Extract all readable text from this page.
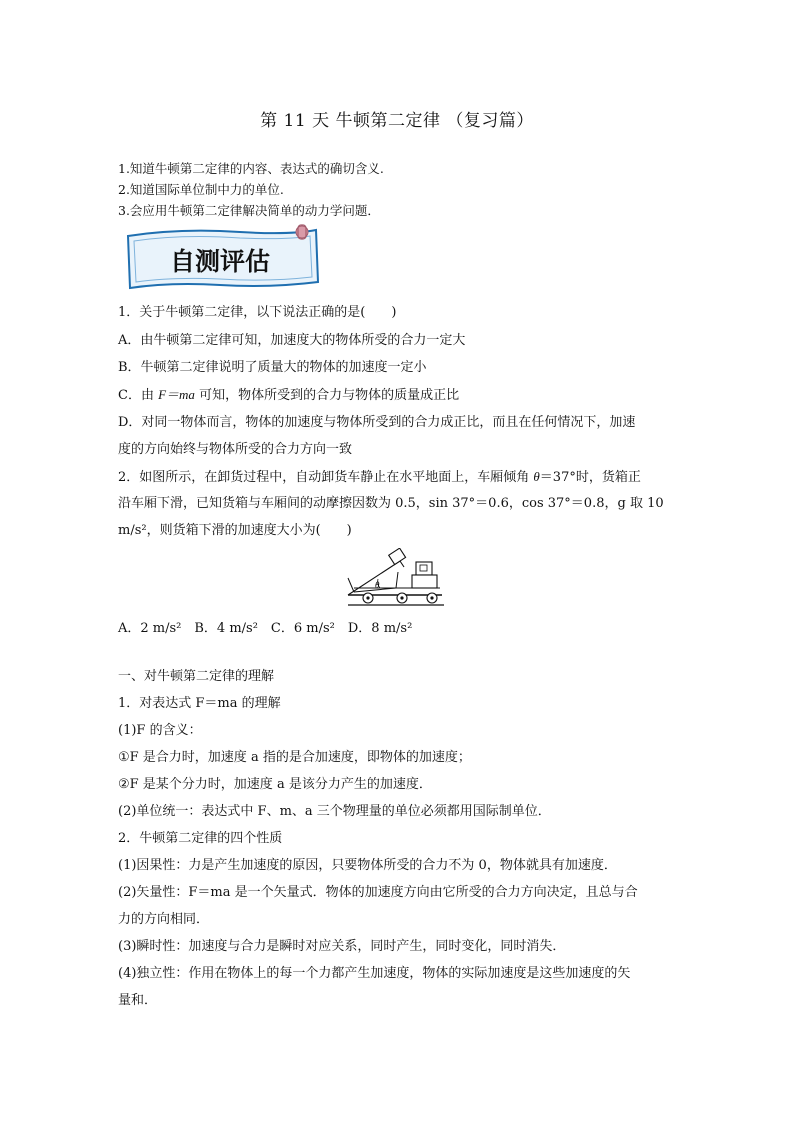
第 11 天 牛顿第二定律 （复习篇）
1.知道牛顿第二定律的内容、表达式的确切含义.
2.知道国际单位制中力的单位.
3.会应用牛顿第二定律解决简单的动力学问题．
自测评估
1．关于牛顿第二定律，以下说法正确的是(　　)
A．由牛顿第二定律可知，加速度大的物体所受的合力一定大
B．牛顿第二定律说明了质量大的物体的加速度一定小
C．由 F＝ma 可知，物体所受到的合力与物体的质量成正比
D．对同一物体而言，物体的加速度与物体所受到的合力成正比，而且在任何情况下，加速
度的方向始终与物体所受的合力方向一致
2．如图所示，在卸货过程中，自动卸货车静止在水平地面上，车厢倾角 θ＝37°时，货箱正
沿车厢下滑，已知货箱与车厢间的动摩擦因数为 0.5，sin 37°＝0.6，cos 37°＝0.8，g 取 10
m/s²，则货箱下滑的加速度大小为(　　)
θ
A．2 m/s²　B．4 m/s²　C．6 m/s²　D．8 m/s²
一、对牛顿第二定律的理解
1．对表达式 F＝ma 的理解
(1)F 的含义：
①F 是合力时，加速度 a 指的是合加速度，即物体的加速度；
②F 是某个分力时，加速度 a 是该分力产生的加速度．
(2)单位统一：表达式中 F、m、a 三个物理量的单位必须都用国际制单位．
2．牛顿第二定律的四个性质
(1)因果性：力是产生加速度的原因，只要物体所受的合力不为 0，物体就具有加速度．
(2)矢量性：F＝ma 是一个矢量式．物体的加速度方向由它所受的合力方向决定，且总与合
力的方向相同．
(3)瞬时性：加速度与合力是瞬时对应关系，同时产生，同时变化，同时消失．
(4)独立性：作用在物体上的每一个力都产生加速度，物体的实际加速度是这些加速度的矢
量和．
